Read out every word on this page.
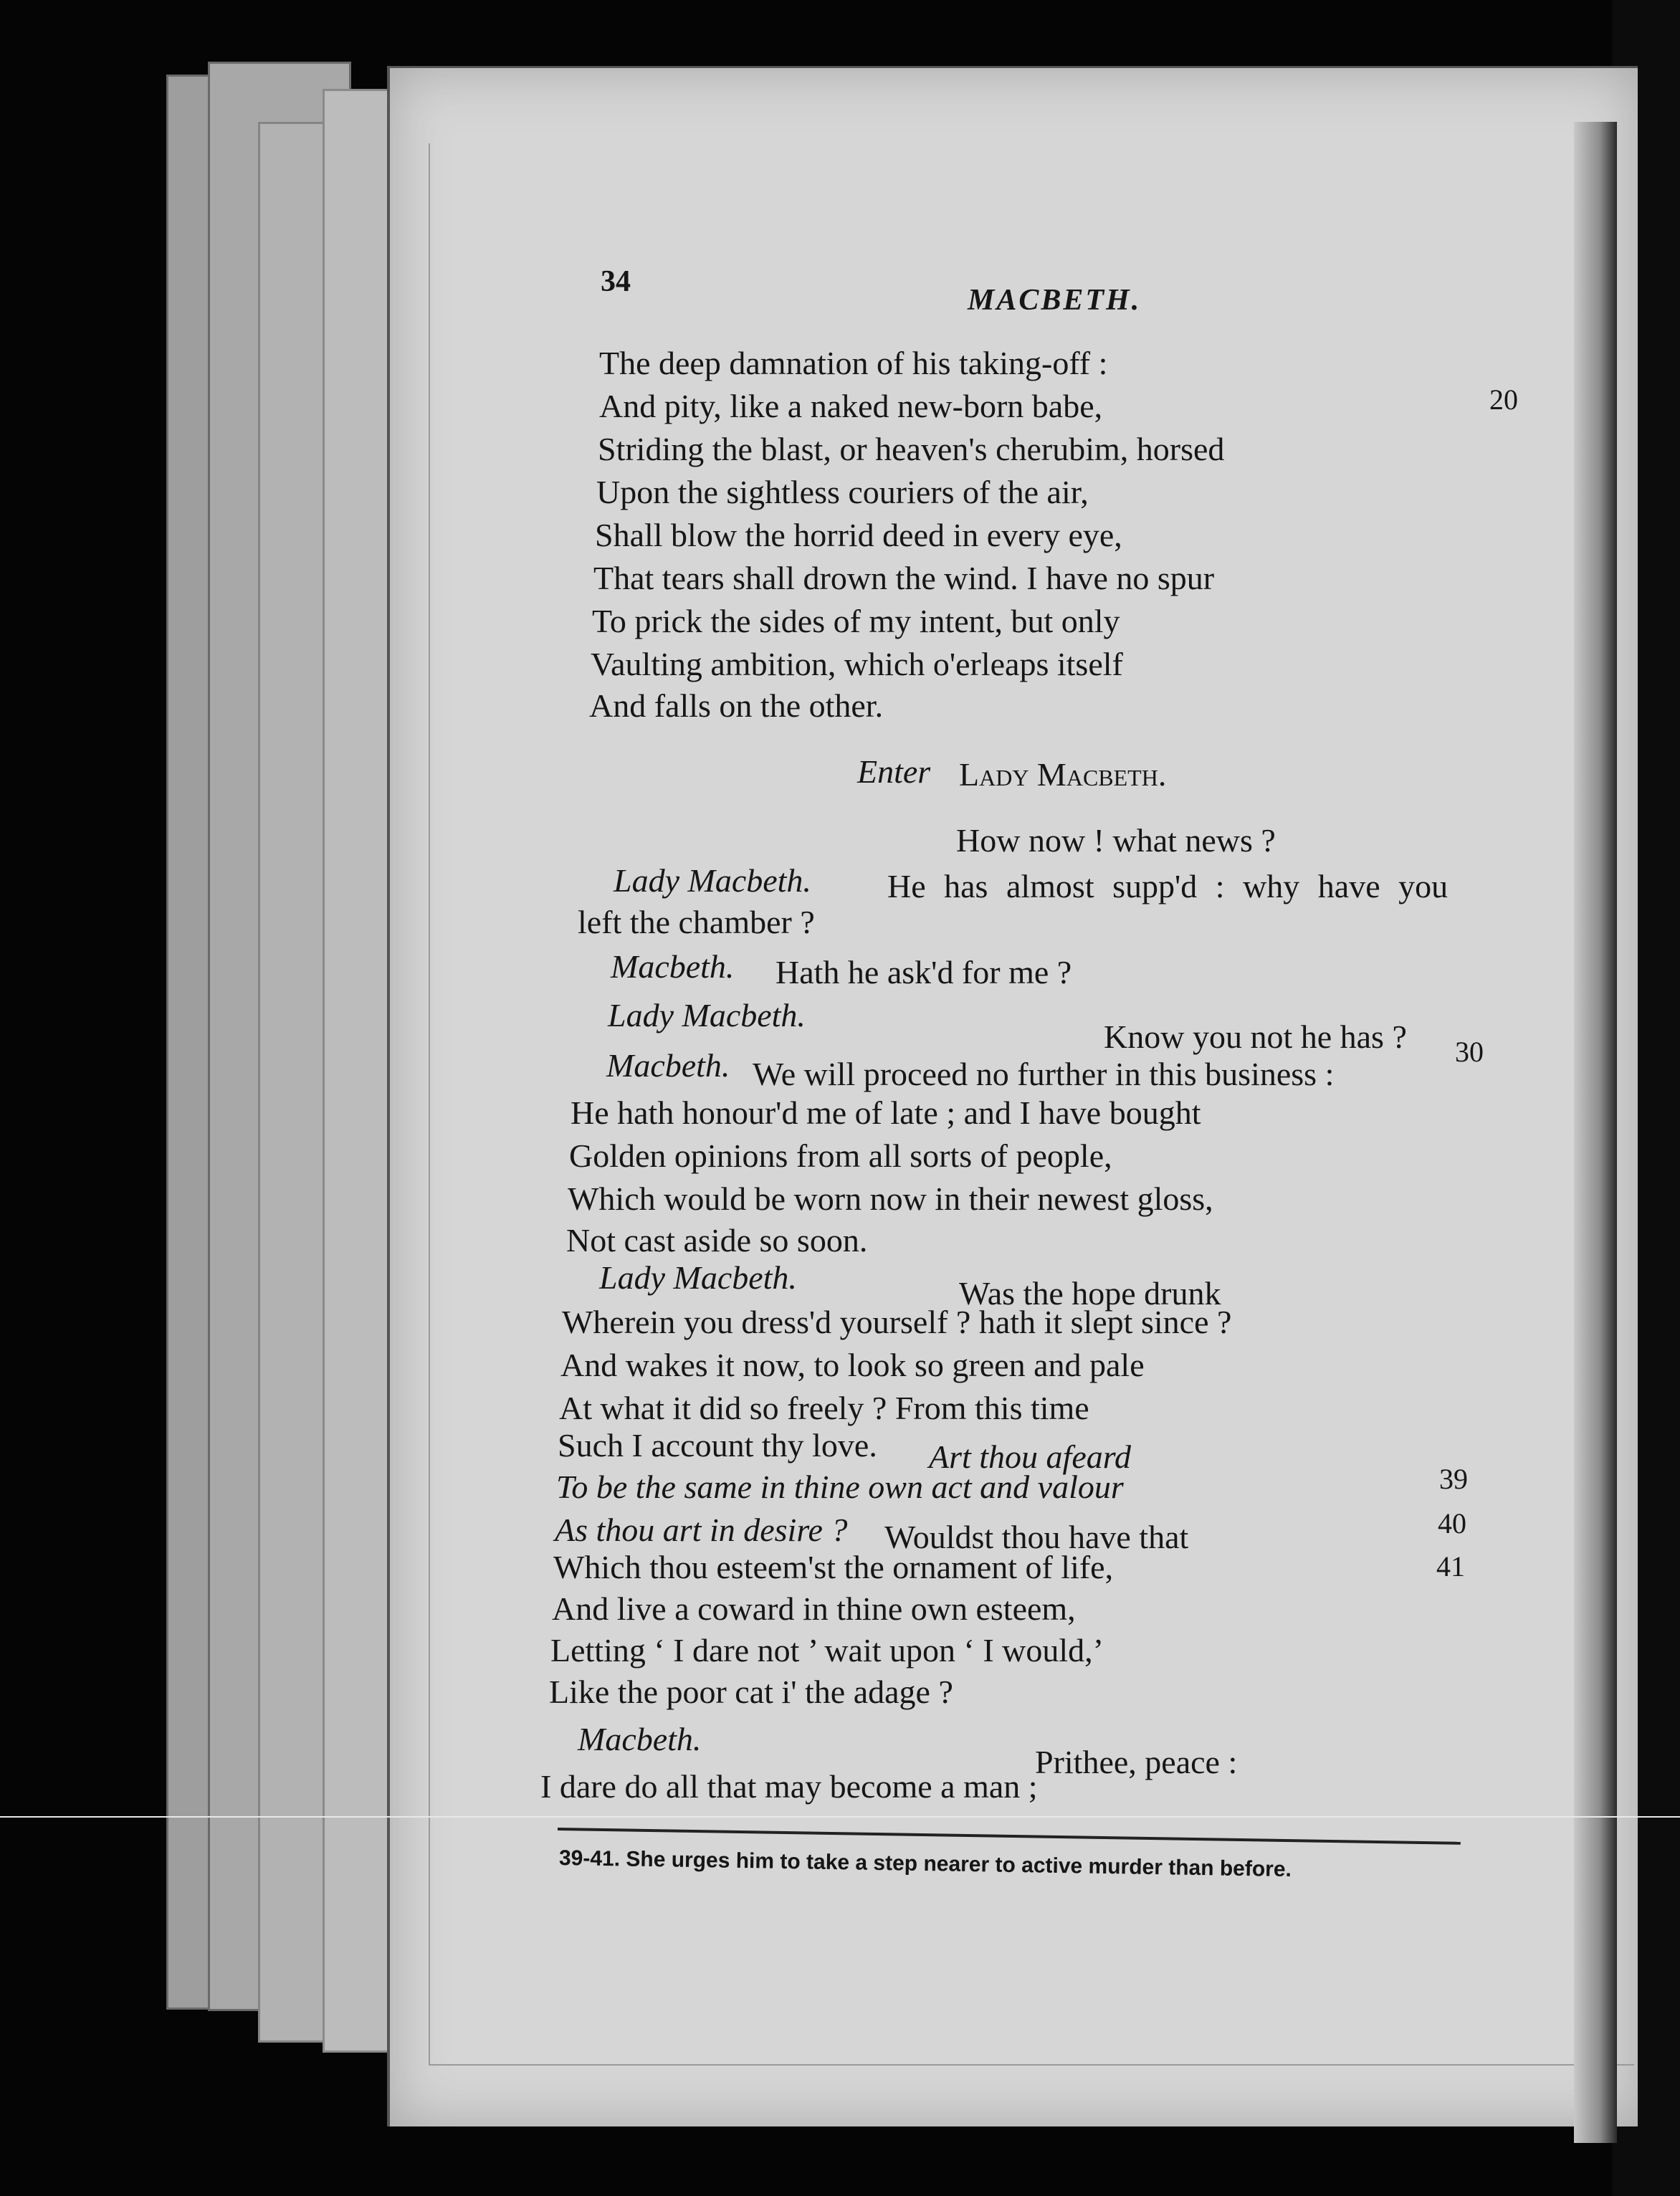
34
MACBETH.
20
30
39
40
41
The deep damnation of his taking-off :
And pity, like a naked new-born babe,
Striding the blast, or heaven's cherubim, horsed
Upon the sightless couriers of the air,
Shall blow the horrid deed in every eye,
That tears shall drown the wind. I have no spur
To prick the sides of my intent, but only
Vaulting ambition, which o'erleaps itself
And falls on the other.
Enter Lady Macbeth.
How now ! what news ?
Lady Macbeth. He has almost supp'd : why have you
left the chamber ?
Macbeth. Hath he ask'd for me ?
Lady Macbeth.
Know you not he has ?
Macbeth. We will proceed no further in this business :
He hath honour'd me of late ; and I have bought
Golden opinions from all sorts of people,
Which would be worn now in their newest gloss,
Not cast aside so soon.
Lady Macbeth.	Was the hope drunk
Wherein you dress'd yourself ? hath it slept since ?
And wakes it now, to look so green and pale
At what it did so freely ? From this time
Such I account thy love. Art thou afeard
To be the same in thine own act and valour
As thou art in desire ? Wouldst thou have that
Which thou esteem'st the ornament of life,
And live a coward in thine own esteem,
Letting ‘ I dare not ’ wait upon ‘ I would,’
Like the poor cat i' the adage ?
Macbeth.
Prithee, peace :
I dare do all that may become a man ;
39-41. She urges him to take a step nearer to active murder than before.
